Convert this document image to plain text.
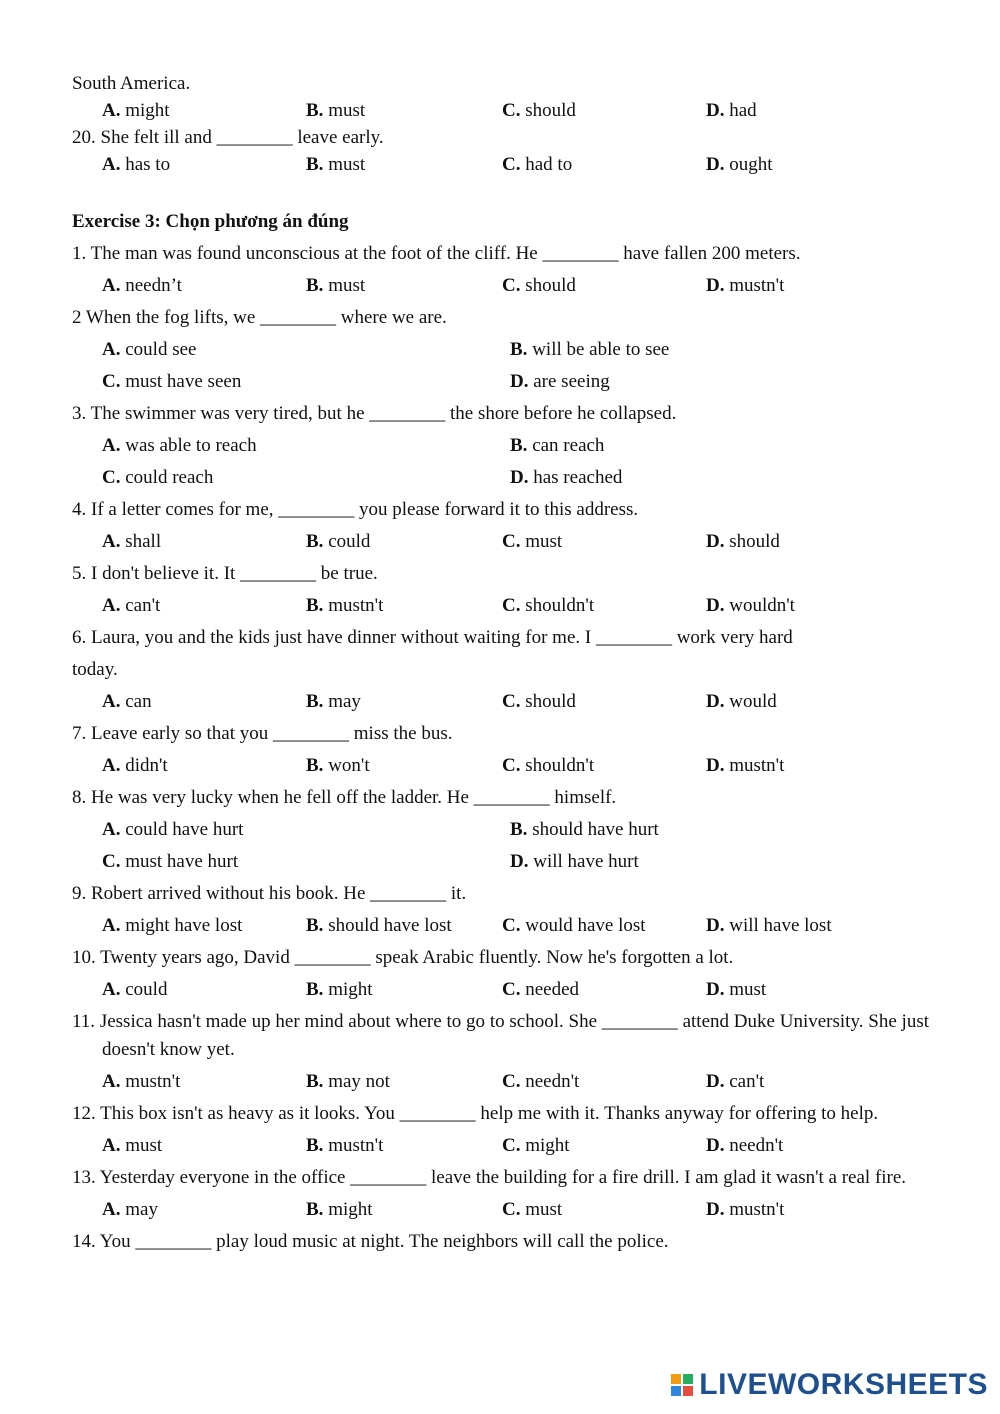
South America.
A. might	B. must	C. should	D. had
20. She felt ill and ________ leave early.
A. has to	B. must	C. had to	D. ought
Exercise 3: Chọn phương án đúng
1. The man was found unconscious at the foot of the cliff. He ________ have fallen 200 meters.
A. needn’t	B. must	C. should	D. mustn't
2 When the fog lifts, we ________ where we are.
A. could see	B. will be able to see
C. must have seen	D. are seeing
3. The swimmer was very tired, but he ________ the shore before he collapsed.
A. was able to reach	B. can reach
C. could reach	D. has reached
4. If a letter comes for me, ________ you please forward it to this address.
A. shall	B. could	C. must	D. should
5. I don't believe it. It ________ be true.
A. can't	B. mustn't	C. shouldn't	D. wouldn't
6. Laura, you and the kids just have dinner without waiting for me. I ________ work very hard
today.
A. can	B. may	C. should	D. would
7. Leave early so that you ________ miss the bus.
A. didn't	B. won't	C. shouldn't	D. mustn't
8. He was very lucky when he fell off the ladder. He ________ himself.
A. could have hurt	B. should have hurt
C. must have hurt	D. will have hurt
9. Robert arrived without his book. He ________ it.
A. might have lost	B. should have lost	C. would have lost	D. will have lost
10. Twenty years ago, David ________ speak Arabic fluently. Now he's forgotten a lot.
A. could	B. might	C. needed	D. must
11. Jessica hasn't made up her mind about where to go to school. She ________ attend Duke University. She just doesn't know yet.
A. mustn't	B. may not	C. needn't	D. can't
12. This box isn't as heavy as it looks. You ________ help me with it. Thanks anyway for offering to help.
A. must	B. mustn't	C. might	D. needn't
13. Yesterday everyone in the office ________ leave the building for a fire drill. I am glad it wasn't a real fire.
A. may	B. might	C. must	D. mustn't
14. You ________ play loud music at night. The neighbors will call the police.
LIVEWORKSHEETS
